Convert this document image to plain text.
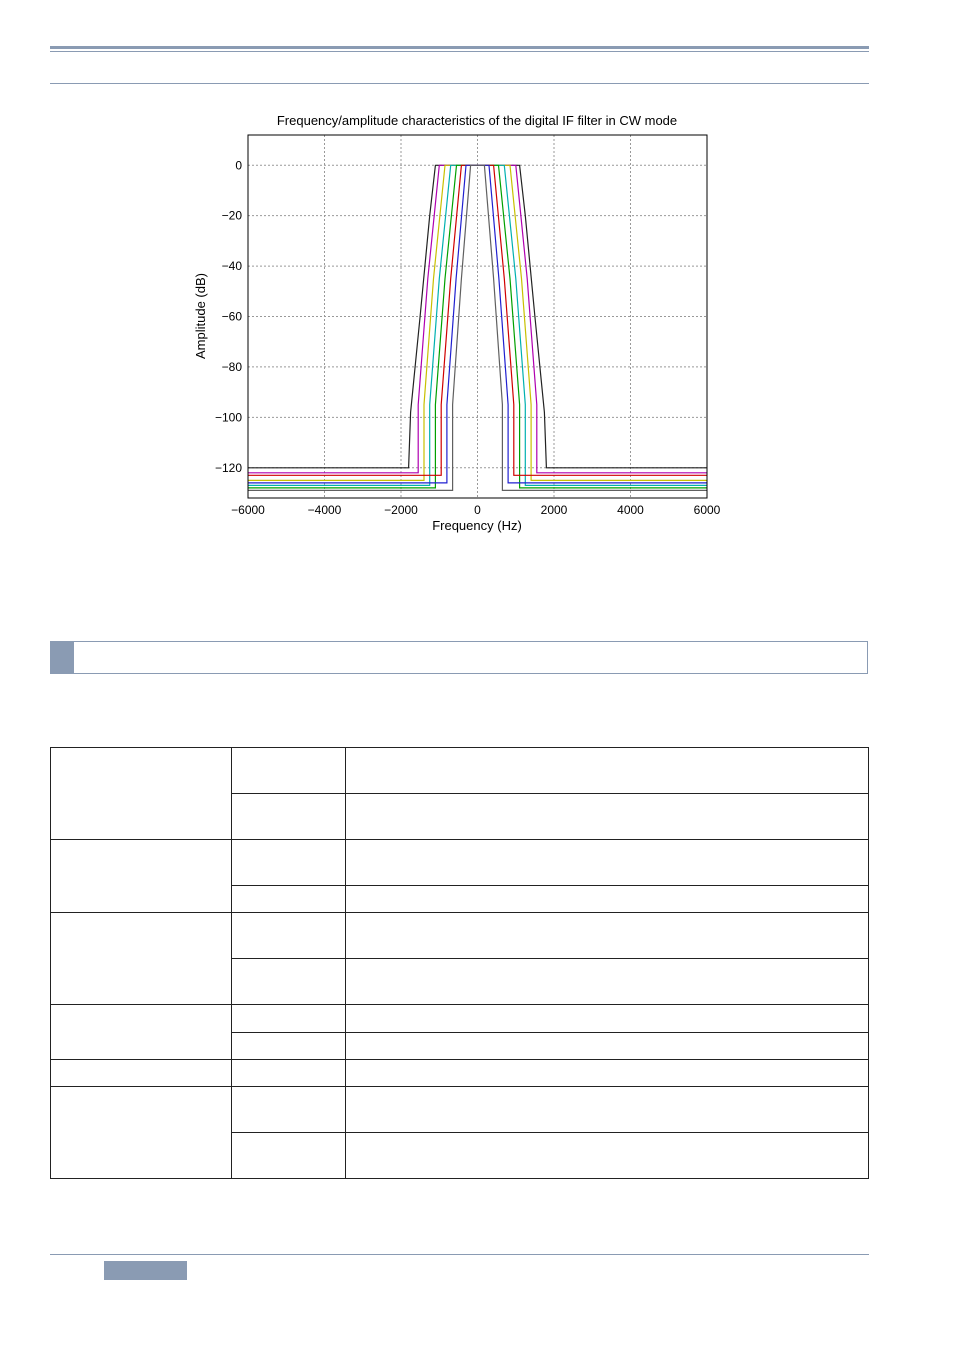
Frequency/amplitude characteristics of the digital IF filter in CW mode
−6000	−4000	−2000	0	2000	4000	6000
0
−20
−40
−60
−80
−100
−120
Frequency (Hz)
Amplitude (dB)
